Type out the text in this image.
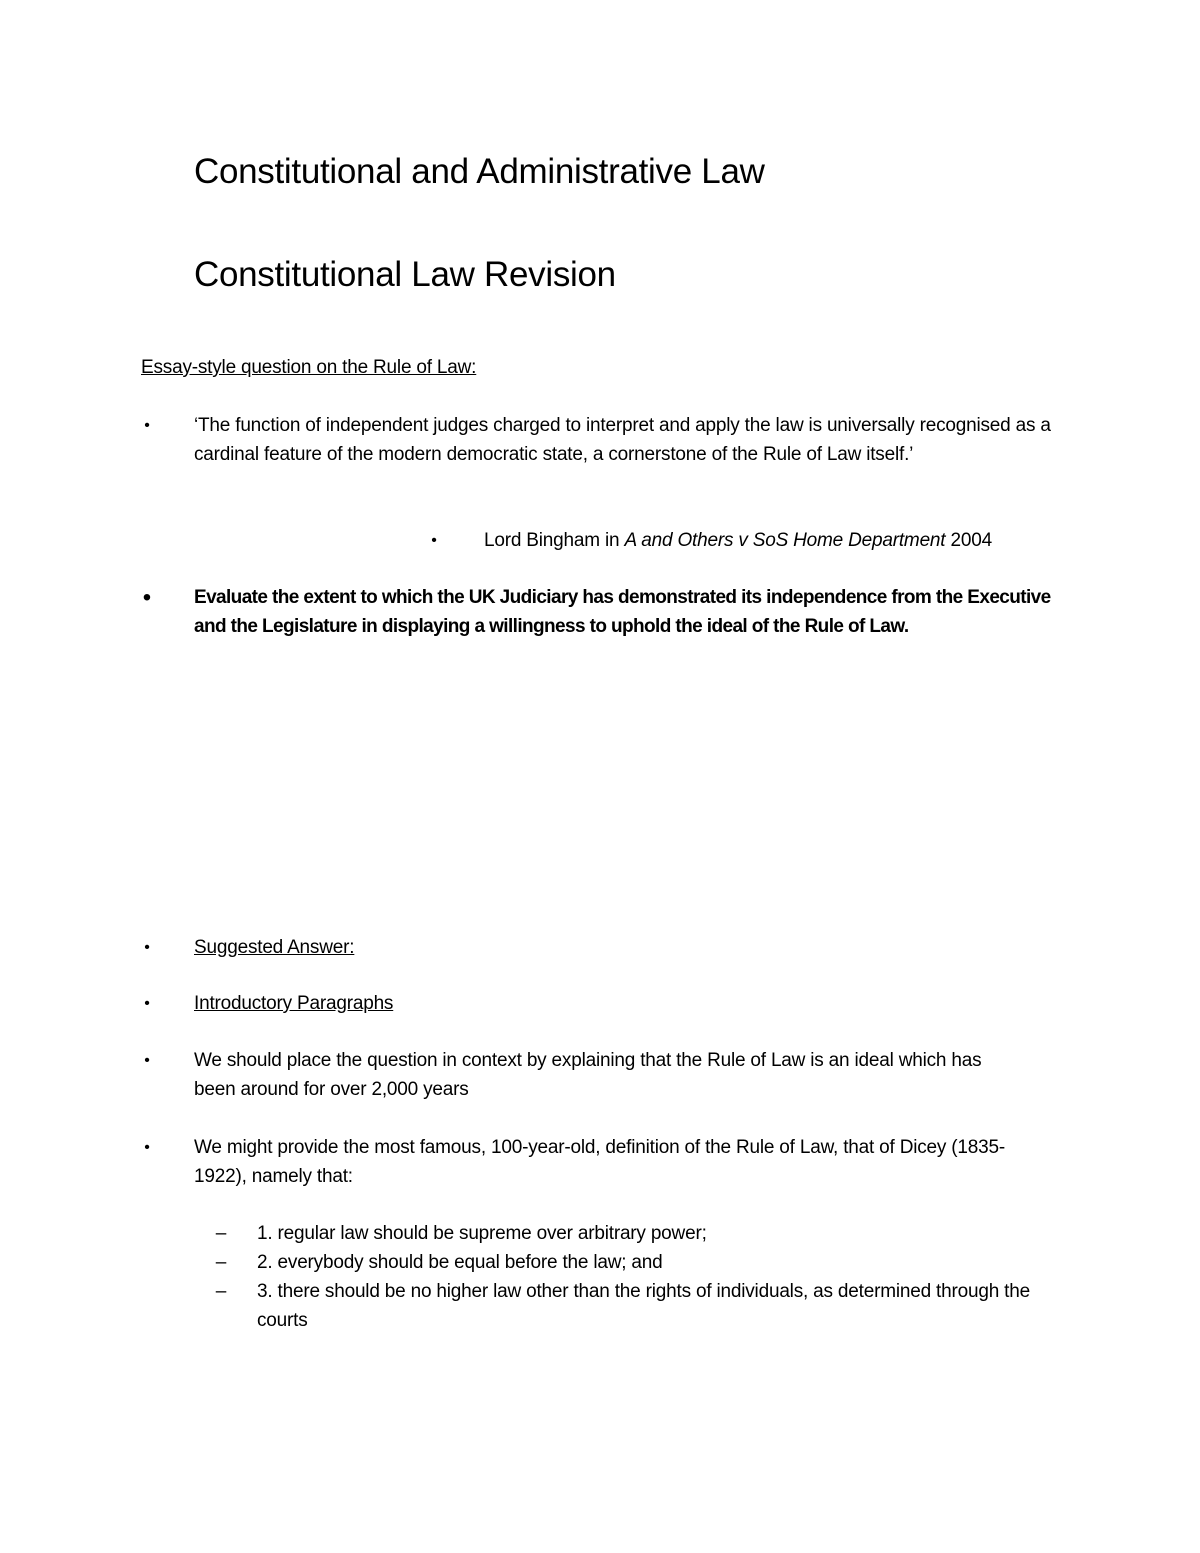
Constitutional and Administrative Law
Constitutional Law Revision
Essay-style question on the Rule of Law:
• ‘The function of independent judges charged to interpret and apply the law is universally recognised as a cardinal feature of the modern democratic state, a cornerstone of the Rule of Law itself.’
• Lord Bingham in A and Others v SoS Home Department 2004
• Evaluate the extent to which the UK Judiciary has demonstrated its independence from the Executive and the Legislature in displaying a willingness to uphold the ideal of the Rule of Law.
• Suggested Answer:
• Introductory Paragraphs
• We should place the question in context by explaining that the Rule of Law is an ideal which has been around for over 2,000 years
• We might provide the most famous, 100-year-old, definition of the Rule of Law, that of Dicey (1835-1922), namely that:
– 1. regular law should be supreme over arbitrary power;
– 2. everybody should be equal before the law; and
– 3. there should be no higher law other than the rights of individuals, as determined through the courts
